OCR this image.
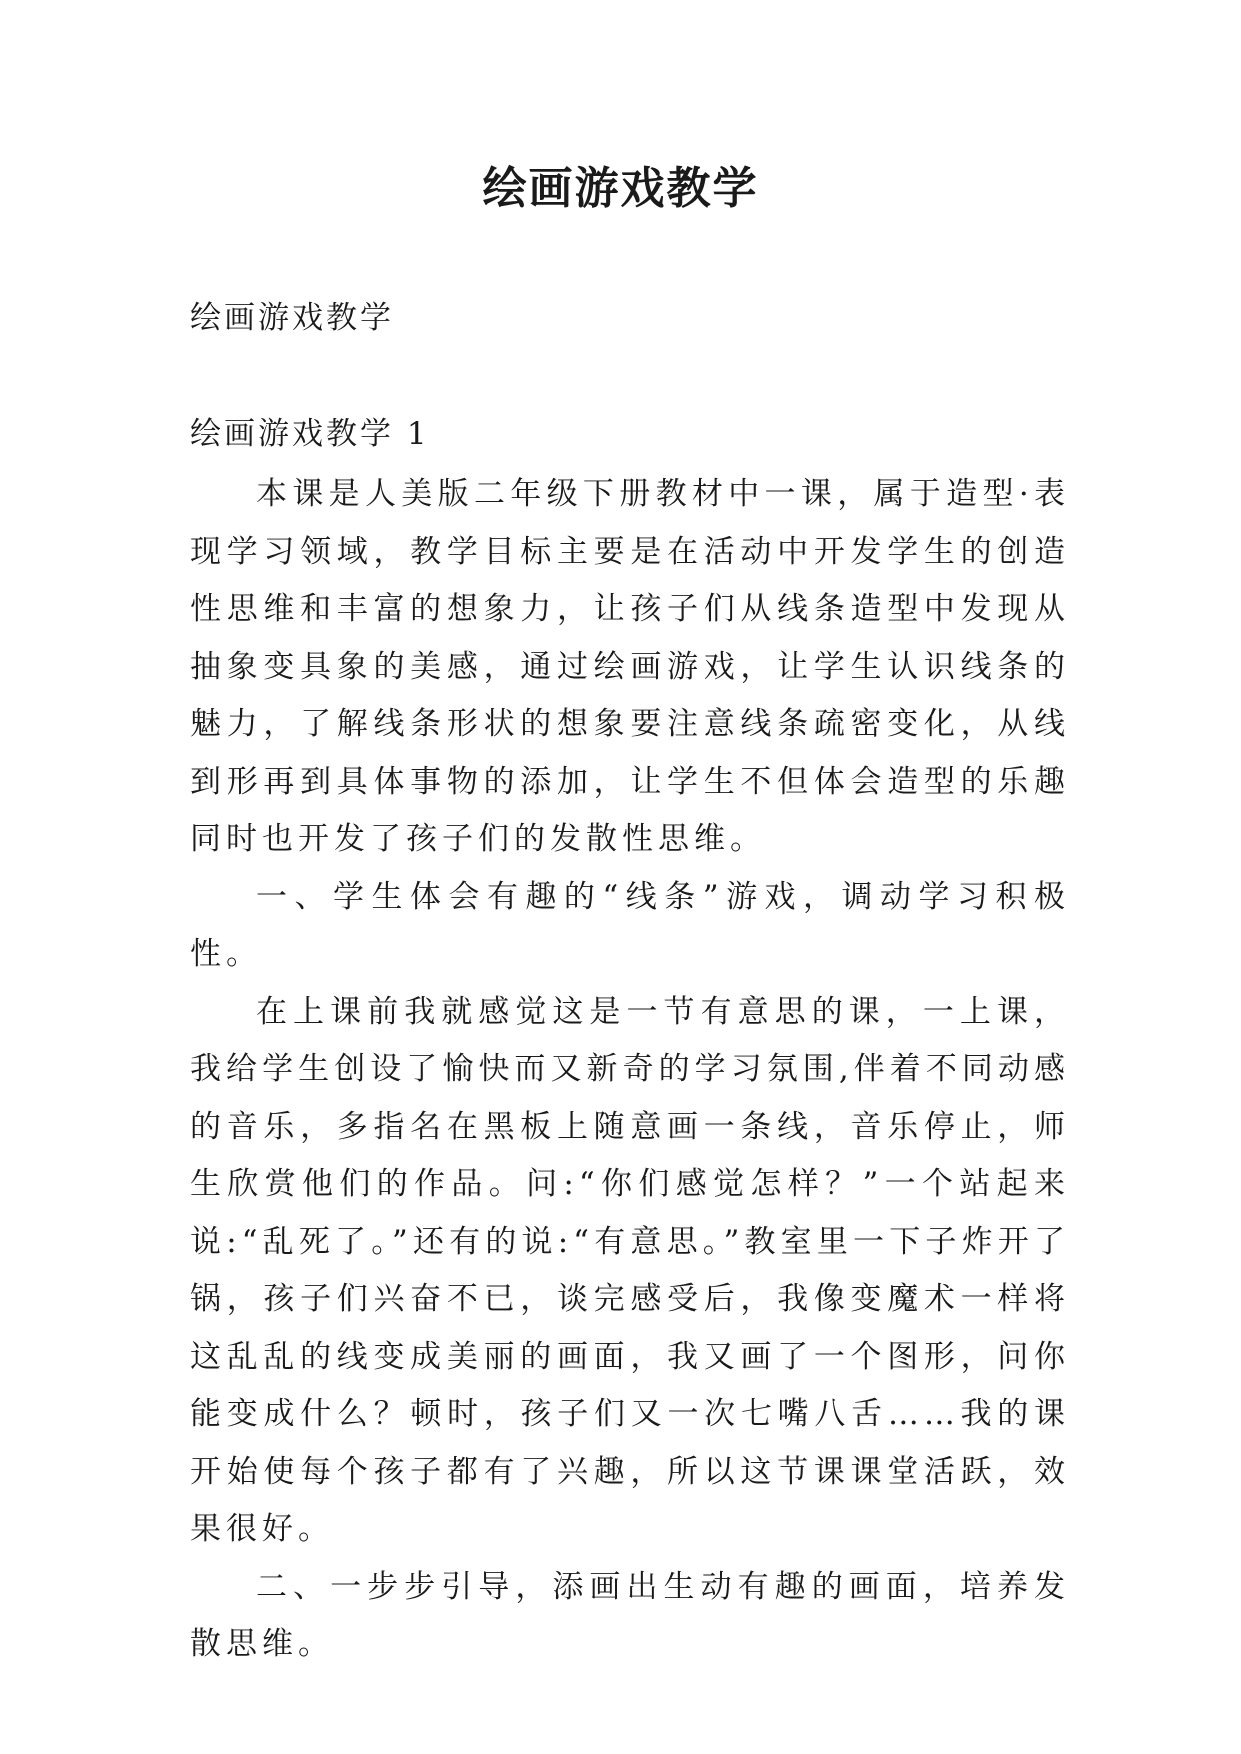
绘画游戏教学
绘画游戏教学
绘画游戏教学 1

本课是人美版二年级下册教材中一课，属于造型·表现学习领域，教学目标主要是在活动中开发学生的创造性思维和丰富的想象力，让孩子们从线条造型中发现从抽象变具象的美感，通过绘画游戏，让学生认识线条的魅力，了解线条形状的想象要注意线条疏密变化，从线到形再到具体事物的添加，让学生不但体会造型的乐趣同时也开发了孩子们的发散性思维。

一、学生体会有趣的“线条”游戏，调动学习积极性。

在上课前我就感觉这是一节有意思的课，一上课，我给学生创设了愉快而又新奇的学习氛围,伴着不同动感的音乐，多指名在黑板上随意画一条线，音乐停止，师生欣赏他们的作品。问:“你们感觉怎样？”一个站起来说:“乱死了。”还有的说:“有意思。”教室里一下子炸开了锅，孩子们兴奋不已，谈完感受后，我像变魔术一样将这乱乱的线变成美丽的画面，我又画了一个图形，问你能变成什么？顿时，孩子们又一次七嘴八舌……我的课开始使每个孩子都有了兴趣，所以这节课课堂活跃，效果很好。

二、一步步引导，添画出生动有趣的画面，培养发散思维。
